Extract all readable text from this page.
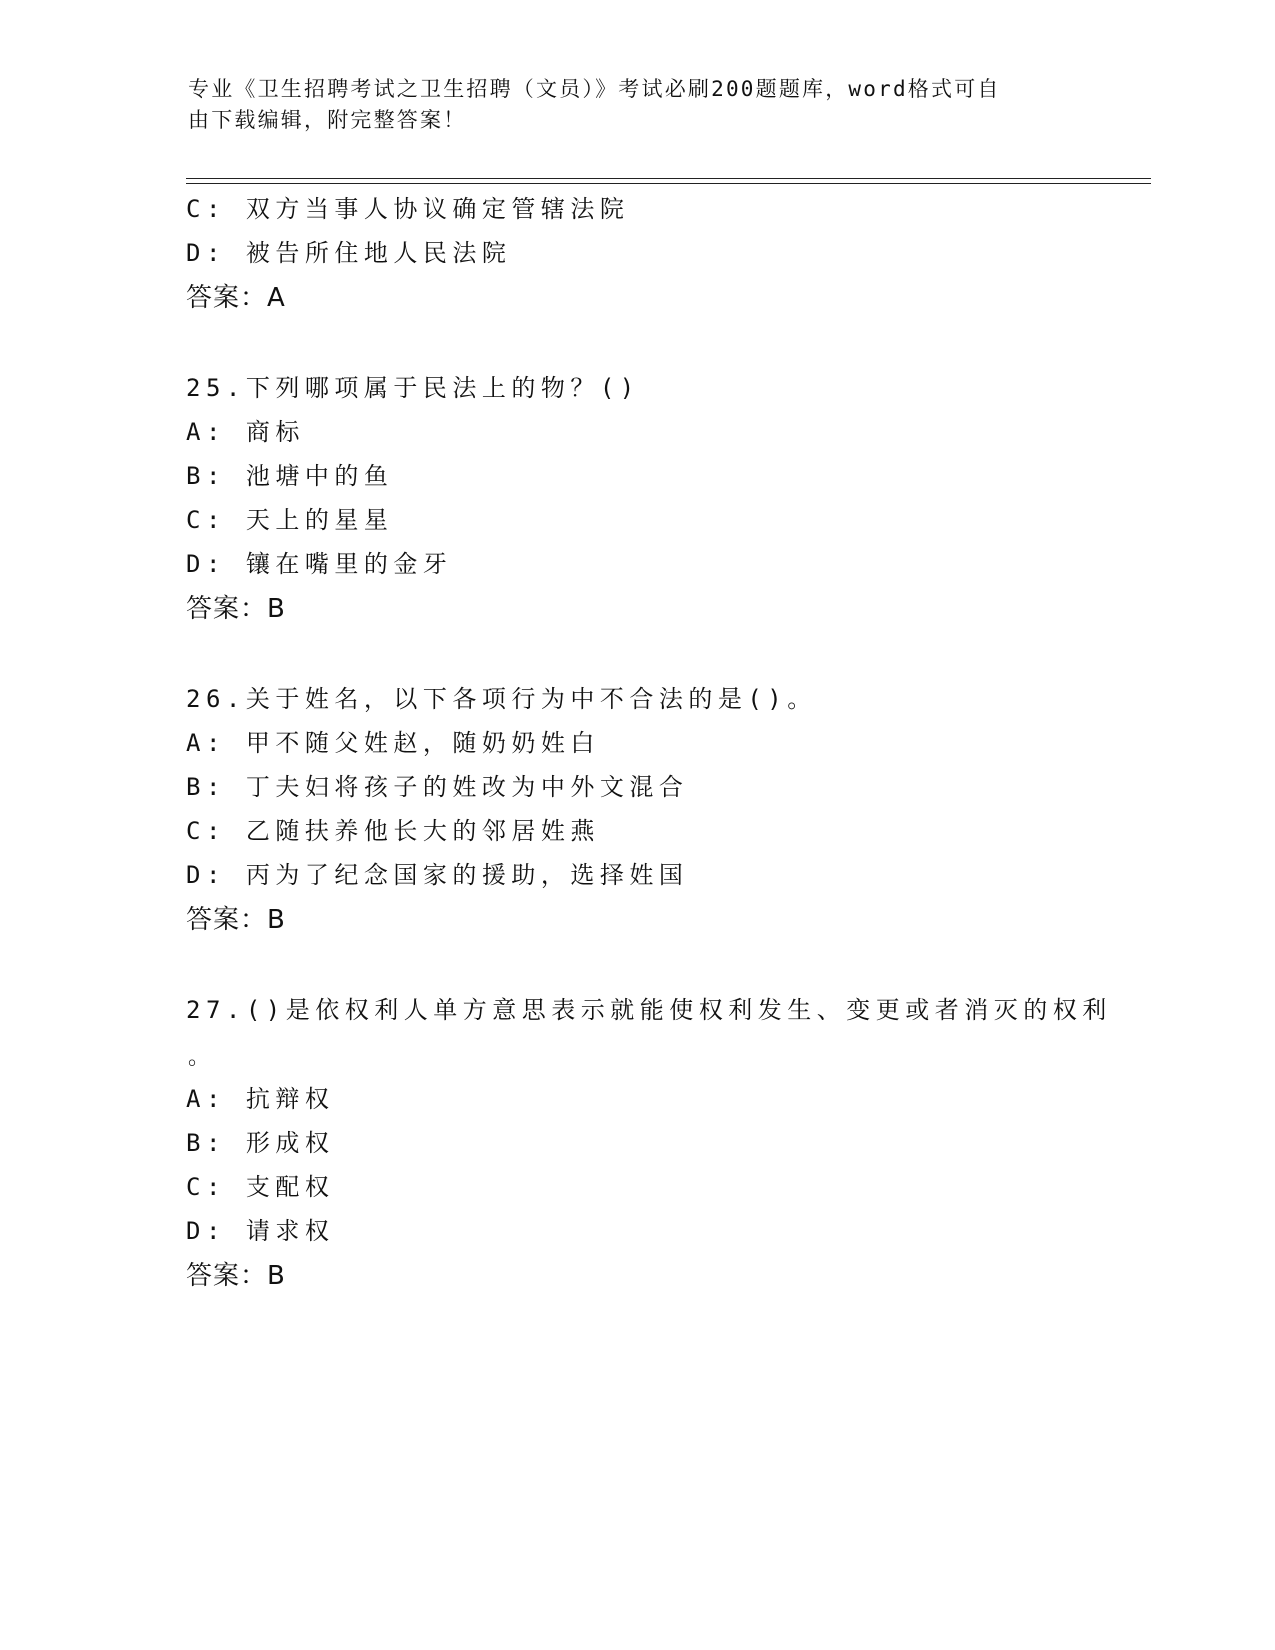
专业《卫生招聘考试之卫生招聘（文员）》考试必刷200题题库，word格式可自
由下载编辑，附完整答案！
C: 双方当事人协议确定管辖法院
D: 被告所住地人民法院
答案：A
25.下列哪项属于民法上的物？()
A: 商标
B: 池塘中的鱼
C: 天上的星星
D: 镶在嘴里的金牙
答案：B
26.关于姓名，以下各项行为中不合法的是()。
A: 甲不随父姓赵，随奶奶姓白
B: 丁夫妇将孩子的姓改为中外文混合
C: 乙随扶养他长大的邻居姓燕
D: 丙为了纪念国家的援助，选择姓国
答案：B
27.()是依权利人单方意思表示就能使权利发生、变更或者消灭的权利
。
A: 抗辩权
B: 形成权
C: 支配权
D: 请求权
答案：B
